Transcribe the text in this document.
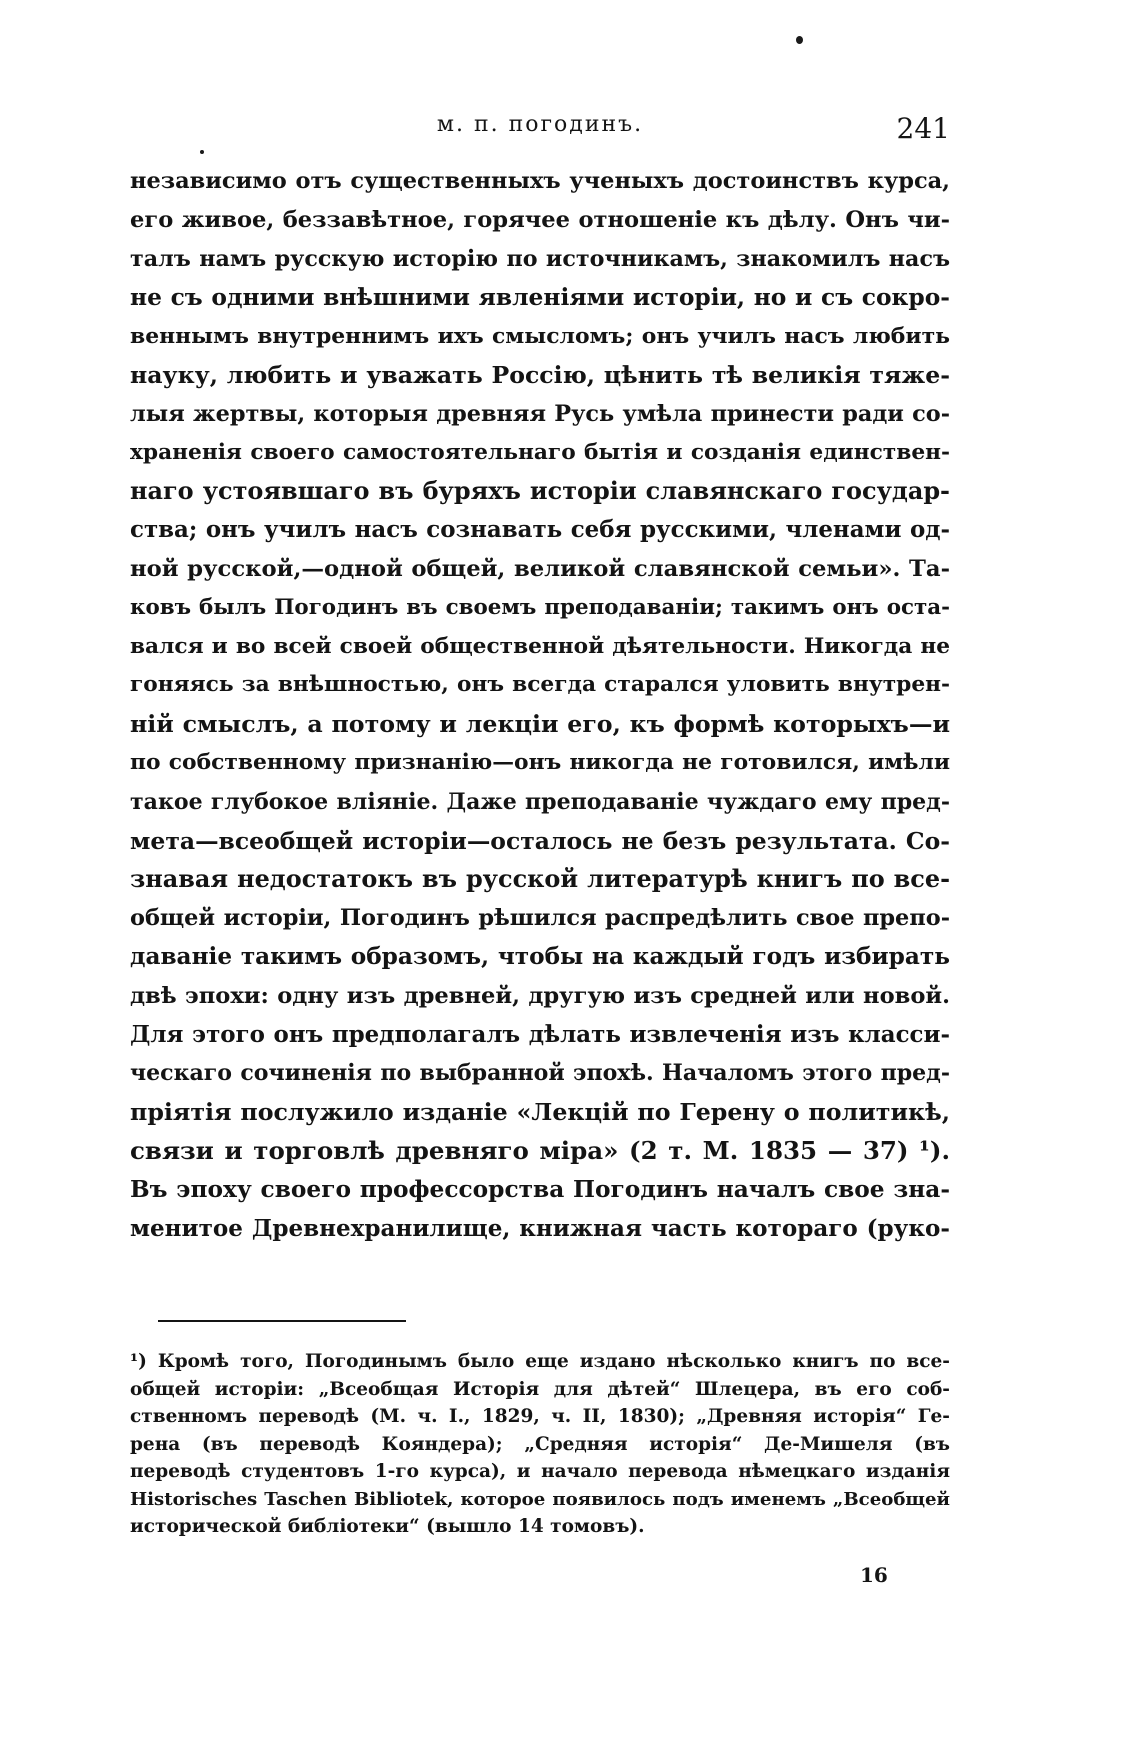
м. п. погодинъ.	241
независимо отъ существенныхъ ученыхъ достоинствъ курса,
его живое, беззавѣтное, горячее отношеніе къ дѣлу. Онъ чи-
талъ намъ русскую исторію по источникамъ, знакомилъ насъ
не съ одними внѣшними явленіями исторіи, но и съ сокро-
веннымъ внутреннимъ ихъ смысломъ; онъ училъ насъ любить
науку, любить и уважать Россію, цѣнить тѣ великія тяже-
лыя жертвы, которыя древняя Русь умѣла принести ради со-
храненія своего самостоятельнаго бытія и созданія единствен-
наго устоявшаго въ буряхъ исторіи славянскаго государ-
ства; онъ училъ насъ сознавать себя русскими, членами од-
ной русской,—одной общей, великой славянской семьи». Та-
ковъ былъ Погодинъ въ своемъ преподаваніи; такимъ онъ оста-
вался и во всей своей общественной дѣятельности. Никогда не
гоняясь за внѣшностью, онъ всегда старался уловить внутрен-
ній смыслъ, а потому и лекціи его, къ формѣ которыхъ—и
по собственному признанію—онъ никогда не готовился, имѣли
такое глубокое вліяніе. Даже преподаваніе чуждаго ему пред-
мета—всеобщей исторіи—осталось не безъ результата. Со-
знавая недостатокъ въ русской литературѣ книгъ по все-
общей исторіи, Погодинъ рѣшился распредѣлить свое препо-
даваніе такимъ образомъ, чтобы на каждый годъ избирать
двѣ эпохи: одну изъ древней, другую изъ средней или новой.
Для этого онъ предполагалъ дѣлать извлеченія изъ класси-
ческаго сочиненія по выбранной эпохѣ. Началомъ этого пред-
пріятія послужило изданіе «Лекцій по Герену о политикѣ,
связи и торговлѣ древняго міра» (2 т. М. 1835 — 37) ¹).
Въ эпоху своего профессорства Погодинъ началъ свое зна-
менитое Древнехранилище, книжная часть котораго (руко-
¹) Кромѣ того, Погодинымъ было еще издано нѣсколько книгъ по все-
общей исторіи: „Всеобщая Исторія для дѣтей“ Шлецера, въ его соб-
ственномъ переводѣ (М. ч. I., 1829, ч. II, 1830); „Древняя исторія“ Ге-
рена (въ переводѣ Кояндера); „Средняя исторія“ Де-Мишеля (въ
переводѣ студентовъ 1-го курса), и начало перевода нѣмецкаго изданія
Historisches Taschen Bibliotek, которое появилось подъ именемъ „Всеобщей
исторической библіотеки“ (вышло 14 томовъ).
16
